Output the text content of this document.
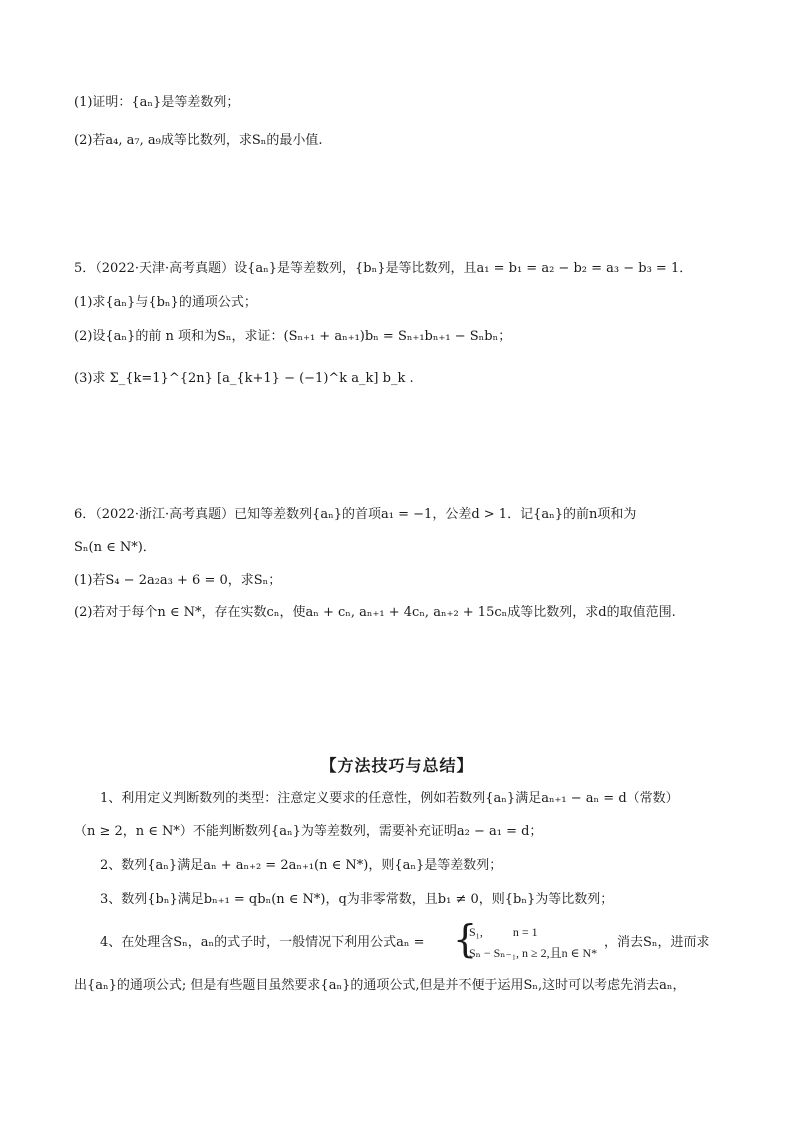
(1)证明：{aₙ}是等差数列；
(2)若a₄, a₇, a₉成等比数列，求Sₙ的最小值.
5．（2022·天津·高考真题）设{aₙ}是等差数列，{bₙ}是等比数列，且a₁ = b₁ = a₂ − b₂ = a₃ − b₃ = 1．
(1)求{aₙ}与{bₙ}的通项公式；
(2)设{aₙ}的前 n 项和为Sₙ，求证：(Sₙ₊₁ + aₙ₊₁)bₙ = Sₙ₊₁bₙ₊₁ − Sₙbₙ；
(3)求 Σ_{k=1}^{2n} [a_{k+1} − (−1)^k a_k] b_k .
6．（2022·浙江·高考真题）已知等差数列{aₙ}的首项a₁ = −1，公差d > 1．记{aₙ}的前n项和为
Sₙ(n ∈ N*)．
(1)若S₄ − 2a₂a₃ + 6 = 0，求Sₙ；
(2)若对于每个n ∈ N*，存在实数cₙ，使aₙ + cₙ, aₙ₊₁ + 4cₙ, aₙ₊₂ + 15cₙ成等比数列，求d的取值范围.
【方法技巧与总结】
1、利用定义判断数列的类型：注意定义要求的任意性，例如若数列{aₙ}满足aₙ₊₁ − aₙ = d（常数）
（n ≥ 2，n ∈ N*）不能判断数列{aₙ}为等差数列，需要补充证明a₂ − a₁ = d；
2、数列{aₙ}满足aₙ + aₙ₊₂ = 2aₙ₊₁(n ∈ N*)，则{aₙ}是等差数列；
3、数列{bₙ}满足bₙ₊₁ = qbₙ(n ∈ N*)，q为非零常数，且b₁ ≠ 0，则{bₙ}为等比数列；
4、在处理含Sₙ，aₙ的式子时，一般情况下利用公式aₙ = {
S₁,          n = 1
Sₙ − Sₙ₋₁, n ≥ 2,且n ∈ N*
，消去Sₙ，进而求
出{aₙ}的通项公式; 但是有些题目虽然要求{aₙ}的通项公式,但是并不便于运用Sₙ,这时可以考虑先消去aₙ，
